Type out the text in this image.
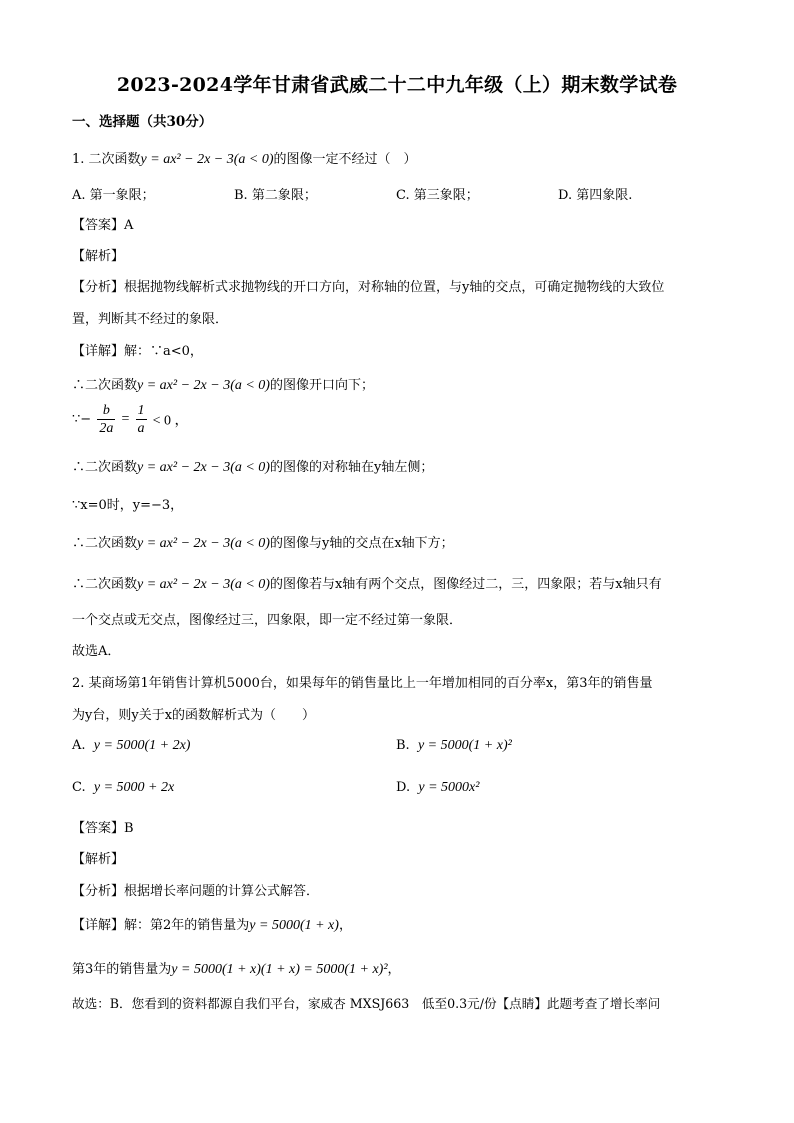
2023-2024学年甘肃省武威二十二中九年级（上）期末数学试卷
一、选择题（共30分）
1. 二次函数y = ax² − 2x − 3(a < 0)的图像一定不经过（　）
A. 第一象限；	B. 第二象限；	C. 第三象限；	D. 第四象限.
【答案】A
【解析】
【分析】根据抛物线解析式求抛物线的开口方向，对称轴的位置，与y轴的交点，可确定抛物线的大致位
置，判断其不经过的象限．
【详解】解：∵a<0，
∴二次函数y = ax² − 2x − 3(a < 0)的图像开口向下；
∵− $\frac{b}{2a} = \frac{1}{a} < 0$ ，
∴二次函数y = ax² − 2x − 3(a < 0)的图像的对称轴在y轴左侧；
∵x=0时，y=−3，
∴二次函数y = ax² − 2x − 3(a < 0)的图像与y轴的交点在x轴下方；
∴二次函数y = ax² − 2x − 3(a < 0)的图像若与x轴有两个交点，图像经过二，三，四象限；若与x轴只有
一个交点或无交点，图像经过三，四象限，即一定不经过第一象限．
故选A．
2. 某商场第1年销售计算机5000台，如果每年的销售量比上一年增加相同的百分率x，第3年的销售量
为y台，则y关于x的函数解析式为（　　）
A. y = 5000(1 + 2x)	B. y = 5000(1 + x)²
C. y = 5000 + 2x	D. y = 5000x²
【答案】B
【解析】
【分析】根据增长率问题的计算公式解答．
【详解】解：第2年的销售量为y = 5000(1 + x)，
第3年的销售量为y = 5000(1 + x)(1 + x) = 5000(1 + x)²，
故选：B．您看到的资料都源自我们平台，家威杏 MXSJ663　低至0.3元/份【点睛】此题考查了增长率问
